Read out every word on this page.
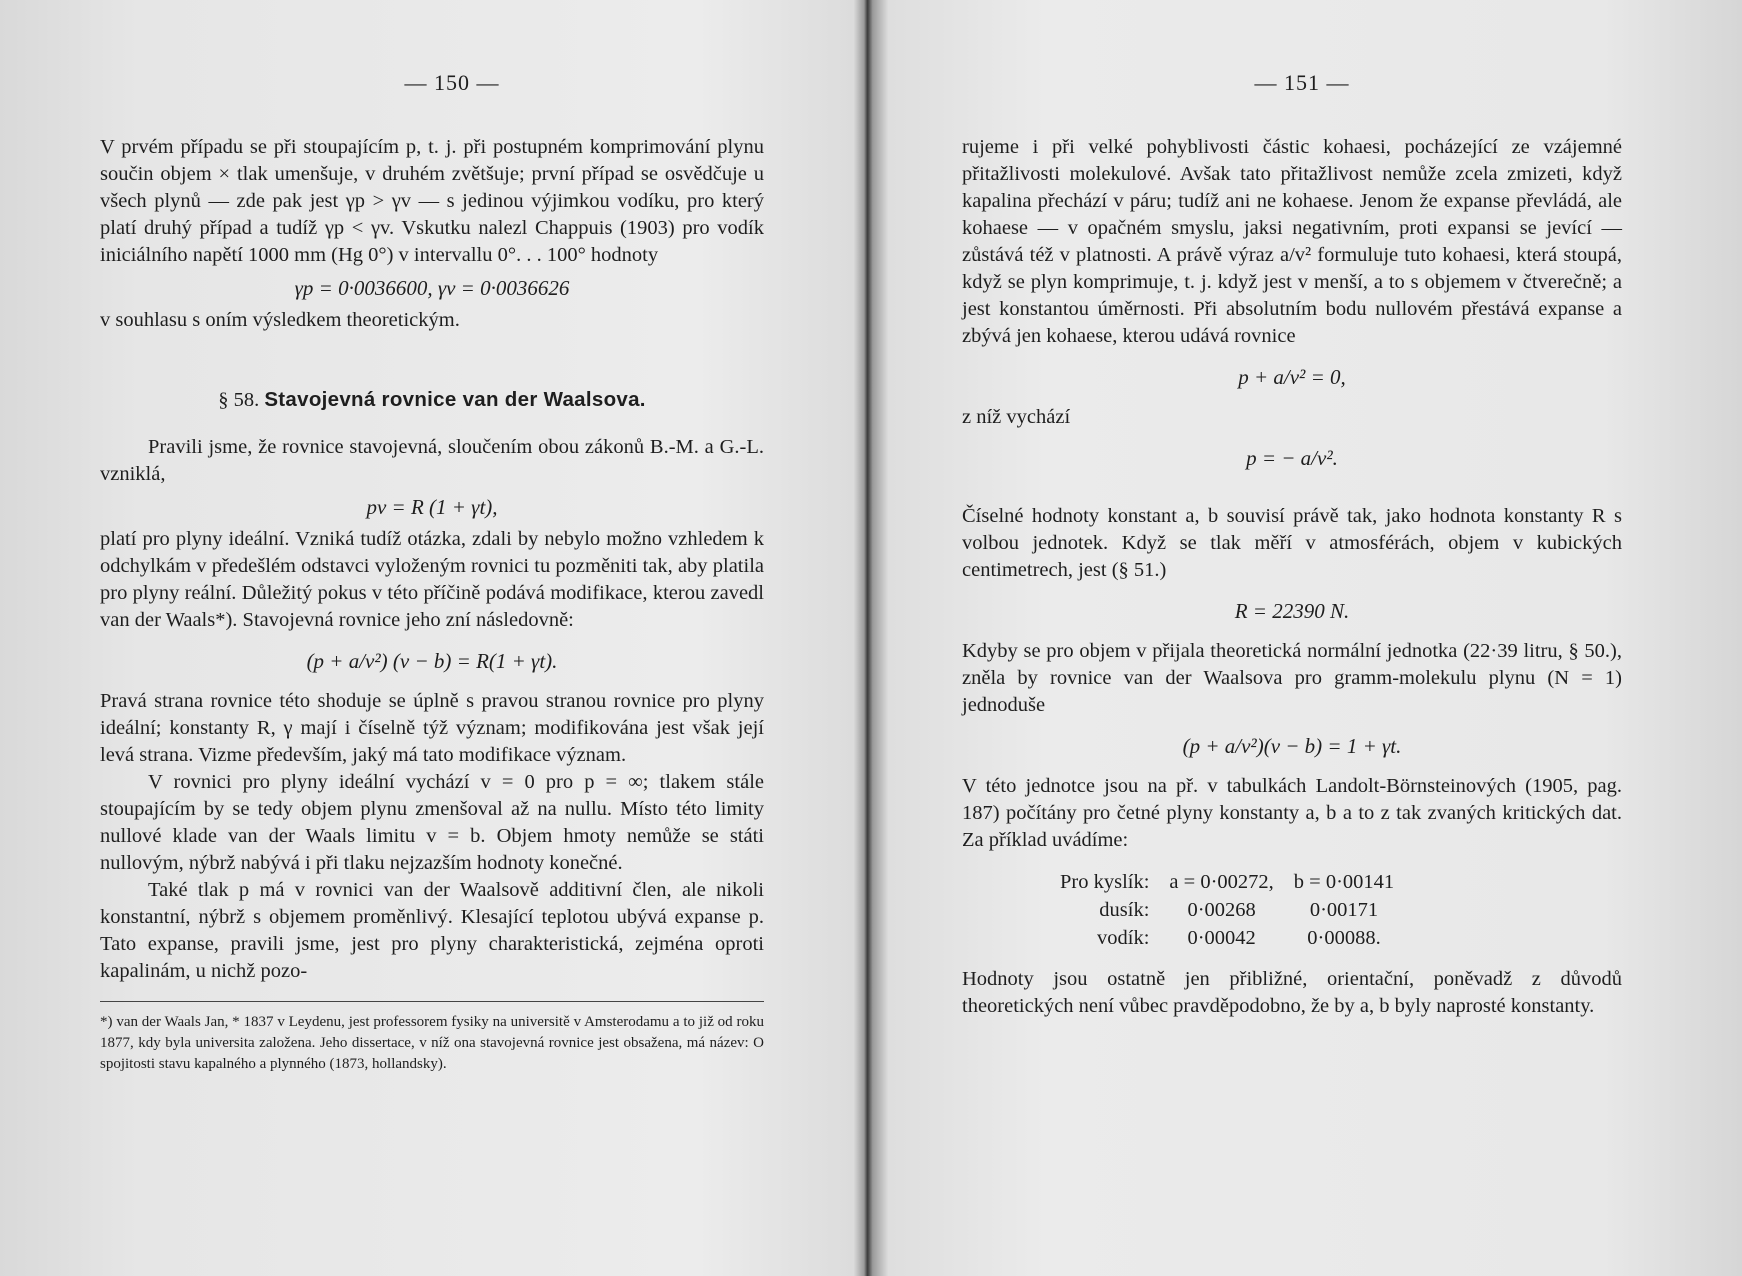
— 150 —

V prvém případu se při stoupajícím p, t. j. při postupném komprimování plynu součin objem × tlak umenšuje, v druhém zvětšuje; první případ se osvědčuje u všech plynů — zde pak jest γp > γv — s jedinou výjimkou vodíku, pro který platí druhý případ a tudíž γp < γv. Vskutku nalezl Chappuis (1903) pro vodík iniciálního napětí 1000 mm (Hg 0°) v intervallu 0°. . . 100° hodnoty

γp = 0·0036600, γv = 0·0036626

v souhlasu s oním výsledkem theoretickým.

§ 58. Stavojevná rovnice van der Waalsova.

Pravili jsme, že rovnice stavojevná, sloučením obou zákonů B.-M. a G.-L. vzniklá,

pv = R (1 + γt),

platí pro plyny ideální. Vzniká tudíž otázka, zdali by nebylo možno vzhledem k odchylkám v předešlém odstavci vyloženým rovnici tu pozměniti tak, aby platila pro plyny reální. Důležitý pokus v této příčině podává modifikace, kterou zavedl van der Waals*). Stavojevná rovnice jeho zní následovně:

(p + a/v²) (v − b) = R(1 + γt).

Pravá strana rovnice této shoduje se úplně s pravou stranou rovnice pro plyny ideální; konstanty R, γ mají i číselně týž význam; modifikována jest však její levá strana. Vizme především, jaký má tato modifikace význam.

V rovnici pro plyny ideální vychází v = 0 pro p = ∞; tlakem stále stoupajícím by se tedy objem plynu zmenšoval až na nullu. Místo této limity nullové klade van der Waals limitu v = b. Objem hmoty nemůže se státi nullovým, nýbrž nabývá i při tlaku nejzazším hodnoty konečné.

Také tlak p má v rovnici van der Waalsově additivní člen, ale nikoli konstantní, nýbrž s objemem proměnlivý. Klesající teplotou ubývá expanse p. Tato expanse, pravili jsme, jest pro plyny charakteristická, zejména oproti kapalinám, u nichž pozo-

*) van der Waals Jan, * 1837 v Leydenu, jest professorem fysiky na universitě v Amsterodamu a to již od roku 1877, kdy byla universita založena. Jeho dissertace, v níž ona stavojevná rovnice jest obsažena, má název: O spojitosti stavu kapalného a plynného (1873, hollandsky).
— 151 —

rujeme i při velké pohyblivosti částic kohaesi, pocházející ze vzájemné přitažlivosti molekulové. Avšak tato přitažlivost nemůže zcela zmizeti, když kapalina přechází v páru; tudíž ani ne kohaese. Jenom že expanse převládá, ale kohaese — v opačném smyslu, jaksi negativním, proti expansi se jevící — zůstává též v platnosti. A právě výraz a/v² formuluje tuto kohaesi, která stoupá, když se plyn komprimuje, t. j. když jest v menší, a to s objemem v čtverečně; a jest konstantou úměrnosti. Při absolutním bodu nullovém přestává expanse a zbývá jen kohaese, kterou udává rovnice

p + a/v² = 0,

z níž vychází

p = − a/v².

Číselné hodnoty konstant a, b souvisí právě tak, jako hodnota konstanty R s volbou jednotek. Když se tlak měří v atmosférách, objem v kubických centimetrech, jest (§ 51.)

R = 22390 N.

Kdyby se pro objem v přijala theoretická normální jednotka (22·39 litru, § 50.), zněla by rovnice van der Waalsova pro gramm-molekulu plynu (N = 1) jednoduše

(p + a/v²)(v − b) = 1 + γt.

V této jednotce jsou na př. v tabulkách Landolt-Börnsteinových (1905, pag. 187) počítány pro četné plyny konstanty a, b a to z tak zvaných kritických dat. Za příklad uvádíme:

Pro kyslík:	a = 0·00272,	b = 0·00141
dusík:	0·00268	0·00171
vodík:	0·00042	0·00088.

Hodnoty jsou ostatně jen přibližné, orientační, poněvadž z důvodů theoretických není vůbec pravděpodobno, že by a, b byly naprosté konstanty.
